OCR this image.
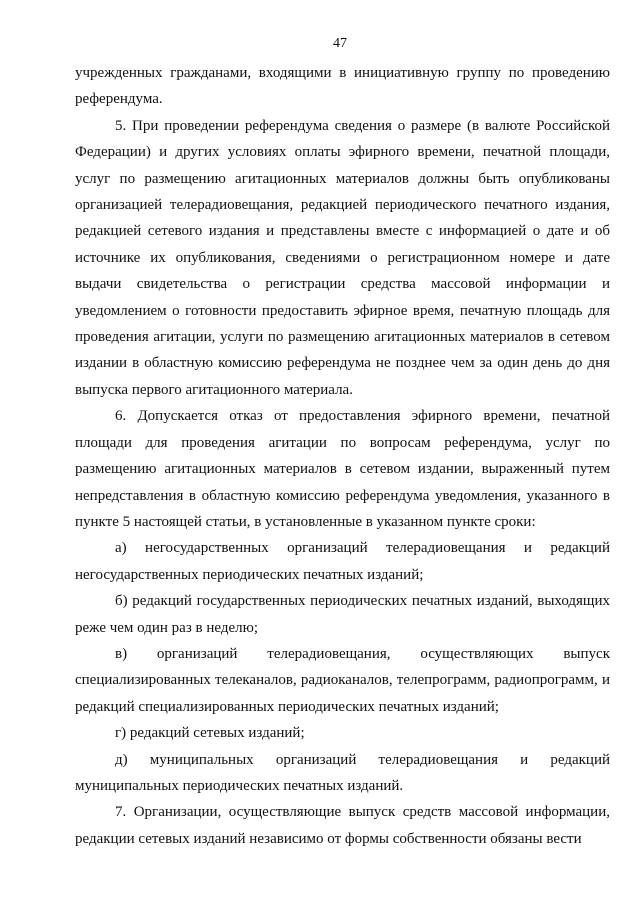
47

учрежденных гражданами, входящими в инициативную группу по проведению референдума.

5. При проведении референдума сведения о размере (в валюте Российской Федерации) и других условиях оплаты эфирного времени, печатной площади, услуг по размещению агитационных материалов должны быть опубликованы организацией телерадиовещания, редакцией периодического печатного издания, редакцией сетевого издания и представлены вместе с информацией о дате и об источнике их опубликования, сведениями о регистрационном номере и дате выдачи свидетельства о регистрации средства массовой информации и уведомлением о готовности предоставить эфирное время, печатную площадь для проведения агитации, услуги по размещению агитационных материалов в сетевом издании в областную комиссию референдума не позднее чем за один день до дня выпуска первого агитационного материала.

6. Допускается отказ от предоставления эфирного времени, печатной площади для проведения агитации по вопросам референдума, услуг по размещению агитационных материалов в сетевом издании, выраженный путем непредставления в областную комиссию референдума уведомления, указанного в пункте 5 настоящей статьи, в установленные в указанном пункте сроки:

а) негосударственных организаций телерадиовещания и редакций негосударственных периодических печатных изданий;

б) редакций государственных периодических печатных изданий, выходящих реже чем один раз в неделю;

в) организаций телерадиовещания, осуществляющих выпуск специализированных телеканалов, радиоканалов, телепрограмм, радиопрограмм, и редакций специализированных периодических печатных изданий;

г) редакций сетевых изданий;

д) муниципальных организаций телерадиовещания и редакций муниципальных периодических печатных изданий.

7. Организации, осуществляющие выпуск средств массовой информации, редакции сетевых изданий независимо от формы собственности обязаны вести
